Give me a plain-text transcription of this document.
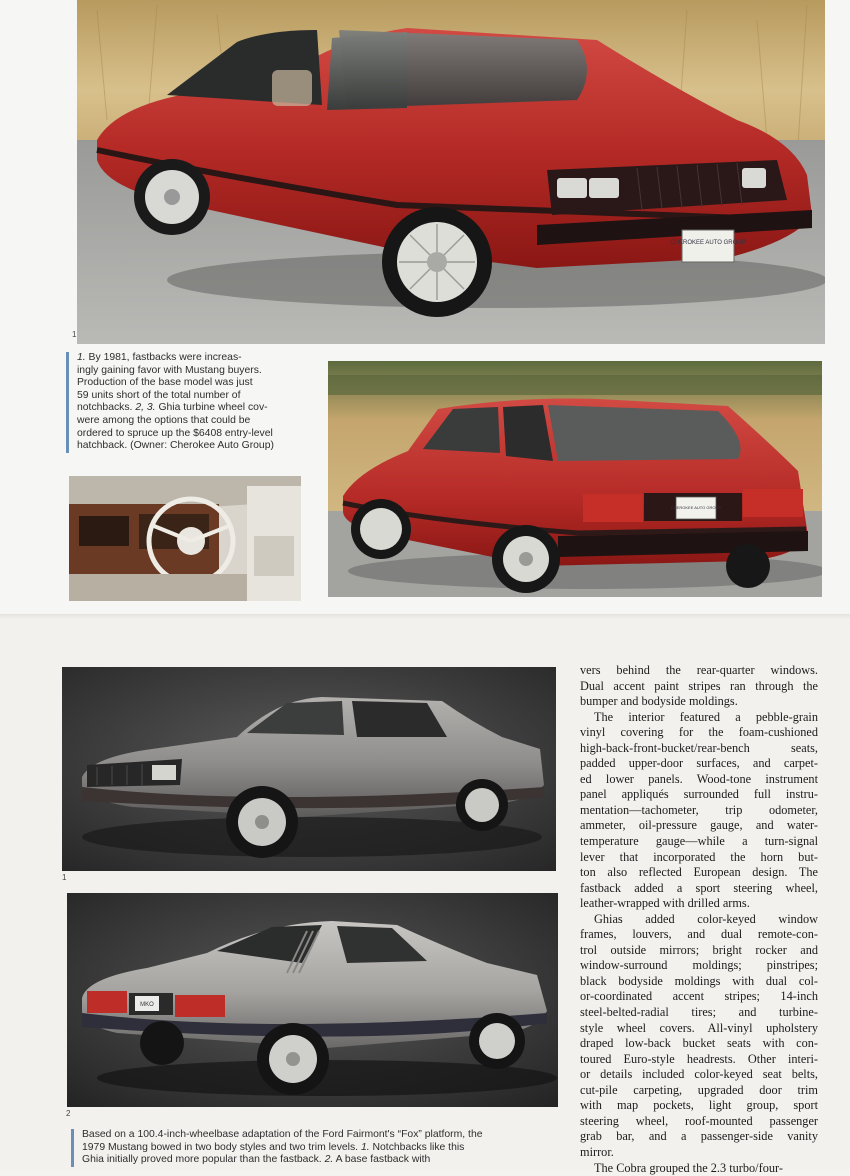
CHEROKEE AUTO GROUP
1

1. By 1981, fastbacks were increas-

ingly gaining favor with Mustang buyers.

Production of the base model was just

59 units short of the total number of

notchbacks. 2, 3. Ghia turbine wheel cov-

were among the options that could be

ordered to spruce up the $6408 entry-level

hatchback. (Owner: Cherokee Auto Group)

CHEROKEE AUTO GROUP
1
MKO
2

Based on a 100.4-inch-wheelbase adaptation of the Ford Fairmont's “Fox” platform, the

1979 Mustang bowed in two body styles and two trim levels. 1. Notchbacks like this

Ghia initially proved more popular than the fastback. 2. A base fastback with

vers behind the rear-quarter windows.
Dual accent paint stripes ran through the
bumper and bodyside moldings.
The interior featured a pebble-grain
vinyl covering for the foam-cushioned
high-back-front-bucket/rear-bench seats,
padded upper-door surfaces, and carpet-
ed lower panels. Wood-tone instrument
panel appliqués surrounded full instru-
mentation—tachometer, trip odometer,
ammeter, oil-pressure gauge, and water-
temperature gauge—while a turn-signal
lever that incorporated the horn but-
ton also reflected European design. The
fastback added a sport steering wheel,
leather-wrapped with drilled arms.
Ghias added color-keyed window
frames, louvers, and dual remote-con-
trol outside mirrors; bright rocker and
window-surround moldings; pinstripes;
black bodyside moldings with dual col-
or-coordinated accent stripes; 14-inch
steel-belted-radial tires; and turbine-
style wheel covers. All-vinyl upholstery
draped low-back bucket seats with con-
toured Euro-style headrests. Other interi-
or details included color-keyed seat belts,
cut-pile carpeting, upgraded door trim
with map pockets, light group, sport
steering wheel, roof-mounted passenger
grab bar, and a passenger-side vanity
mirror.
The Cobra grouped the 2.3 turbo/four-
